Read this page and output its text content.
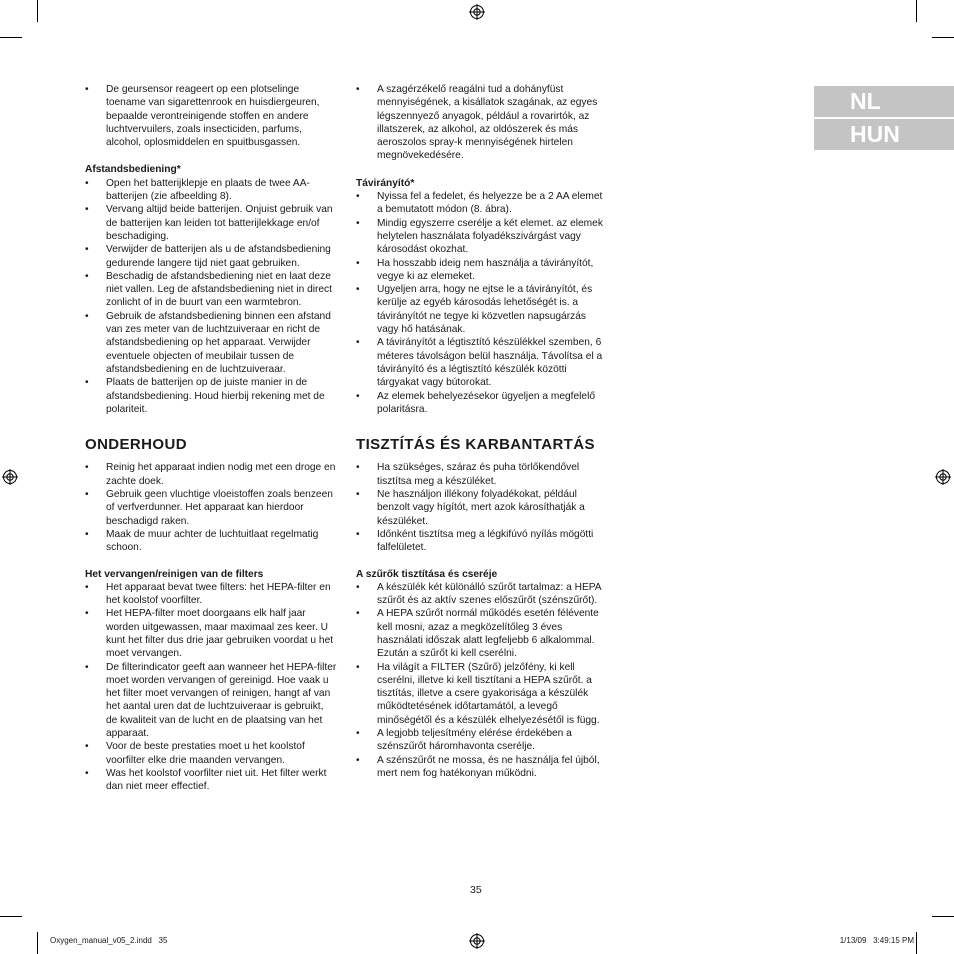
NL
HUN
• De geursensor reageert op een plotselinge toename van sigarettenrook en huisdiergeuren, bepaalde verontreinigende stoffen en andere luchtvervuilers, zoals insecticiden, parfums, alcohol, oplosmiddelen en spuitbusgassen.

Afstandsbediening*

• Open het batterijklepje en plaats de twee AA-batterijen (zie afbeelding 8).
• Vervang altijd beide batterijen. Onjuist gebruik van de batterijen kan leiden tot batterijlekkage en/of beschadiging.
• Verwijder de batterijen als u de afstandsbediening gedurende langere tijd niet gaat gebruiken.
• Beschadig de afstandsbediening niet en laat deze niet vallen. Leg de afstandsbediening niet in direct zonlicht of in de buurt van een warmtebron.
• Gebruik de afstandsbediening binnen een afstand van zes meter van de luchtzuiveraar en richt de afstandsbediening op het apparaat. Verwijder eventuele objecten of meubilair tussen de afstandsbediening en de luchtzuiveraar.
• Plaats de batterijen op de juiste manier in de afstandsbediening. Houd hierbij rekening met de polariteit.

ONDERHOUD

• Reinig het apparaat indien nodig met een droge en zachte doek.
• Gebruik geen vluchtige vloeistoffen zoals benzeen of verfverdunner. Het apparaat kan hierdoor beschadigd raken.
• Maak de muur achter de luchtuitlaat regelmatig schoon.

Het vervangen/reinigen van de filters

• Het apparaat bevat twee filters: het HEPA-filter en het koolstof voorfilter.
• Het HEPA-filter moet doorgaans elk half jaar worden uitgewassen, maar maximaal zes keer. U kunt het filter dus drie jaar gebruiken voordat u het moet vervangen.
• De filterindicator geeft aan wanneer het HEPA-filter moet worden vervangen of gereinigd. Hoe vaak u het filter moet vervangen of reinigen, hangt af van het aantal uren dat de luchtzuiveraar is gebruikt, de kwaliteit van de lucht en de plaatsing van het apparaat.
• Voor de beste prestaties moet u het koolstof voorfilter elke drie maanden vervangen.
• Was het koolstof voorfilter niet uit. Het filter werkt dan niet meer effectief.
• A szagérzékelő reagálni tud a dohányfüst mennyiségének, a kisállatok szagának, az egyes légszennyező anyagok, például a rovarirtók, az illatszerek, az alkohol, az oldószerek és más aeroszolos spray-k mennyiségének hirtelen megnövekedésére.

Távirányító*

• Nyissa fel a fedelet, és helyezze be a 2 AA elemet a bemutatott módon (8. ábra).
• Mindig egyszerre cserélje a két elemet. az elemek helytelen használata folyadékszivárgást vagy károsodást okozhat.
• Ha hosszabb ideig nem használja a távirányítót, vegye ki az elemeket.
• Ugyeljen arra, hogy ne ejtse le a távirányítót, és kerülje az egyéb károsodás lehetőségét is. a távirányítót ne tegye ki közvetlen napsugárzás vagy hő hatásának.
• A távirányítót a légtisztító készülékkel szemben, 6 méteres távolságon belül használja. Távolítsa el a távirányító és a légtisztító készülék közötti tárgyakat vagy bútorokat.
• Az elemek behelyezésekor ügyeljen a megfelelő polaritásra.

TISZTÍTÁS ÉS KARBANTARTÁS

• Ha szükséges, száraz és puha törlőkendővel tisztítsa meg a készüléket.
• Ne használjon illékony folyadékokat, például benzolt vagy hígítót, mert azok károsíthatják a készüléket.
• Időnként tisztítsa meg a légkifúvó nyílás mögötti falfelületet.

A szűrők tisztítása és cseréje

• A készülék két különálló szűrőt tartalmaz: a HEPA szűrőt és az aktív szenes előszűrőt (szénszűrőt).
• A HEPA szűrőt normál működés esetén félévente kell mosni, azaz a megközelítőleg 3 éves használati időszak alatt legfeljebb 6 alkalommal. Ezután a szűrőt ki kell cserélni.
• Ha világít a FILTER (Szűrő) jelzőfény, ki kell cserélni, illetve ki kell tisztítani a HEPA szűrőt. a tisztítás, illetve a csere gyakorisága a készülék működtetésének időtartamától, a levegő minőségétől és a készülék elhelyezésétől is függ.
• A legjobb teljesítmény elérése érdekében a szénszűrőt háromhavonta cserélje.
• A szénszűrőt ne mossa, és ne használja fel újból, mert nem fog hatékonyan működni.
35
Oxygen_manual_v05_2.indd   35	1/13/09   3:49:15 PM
